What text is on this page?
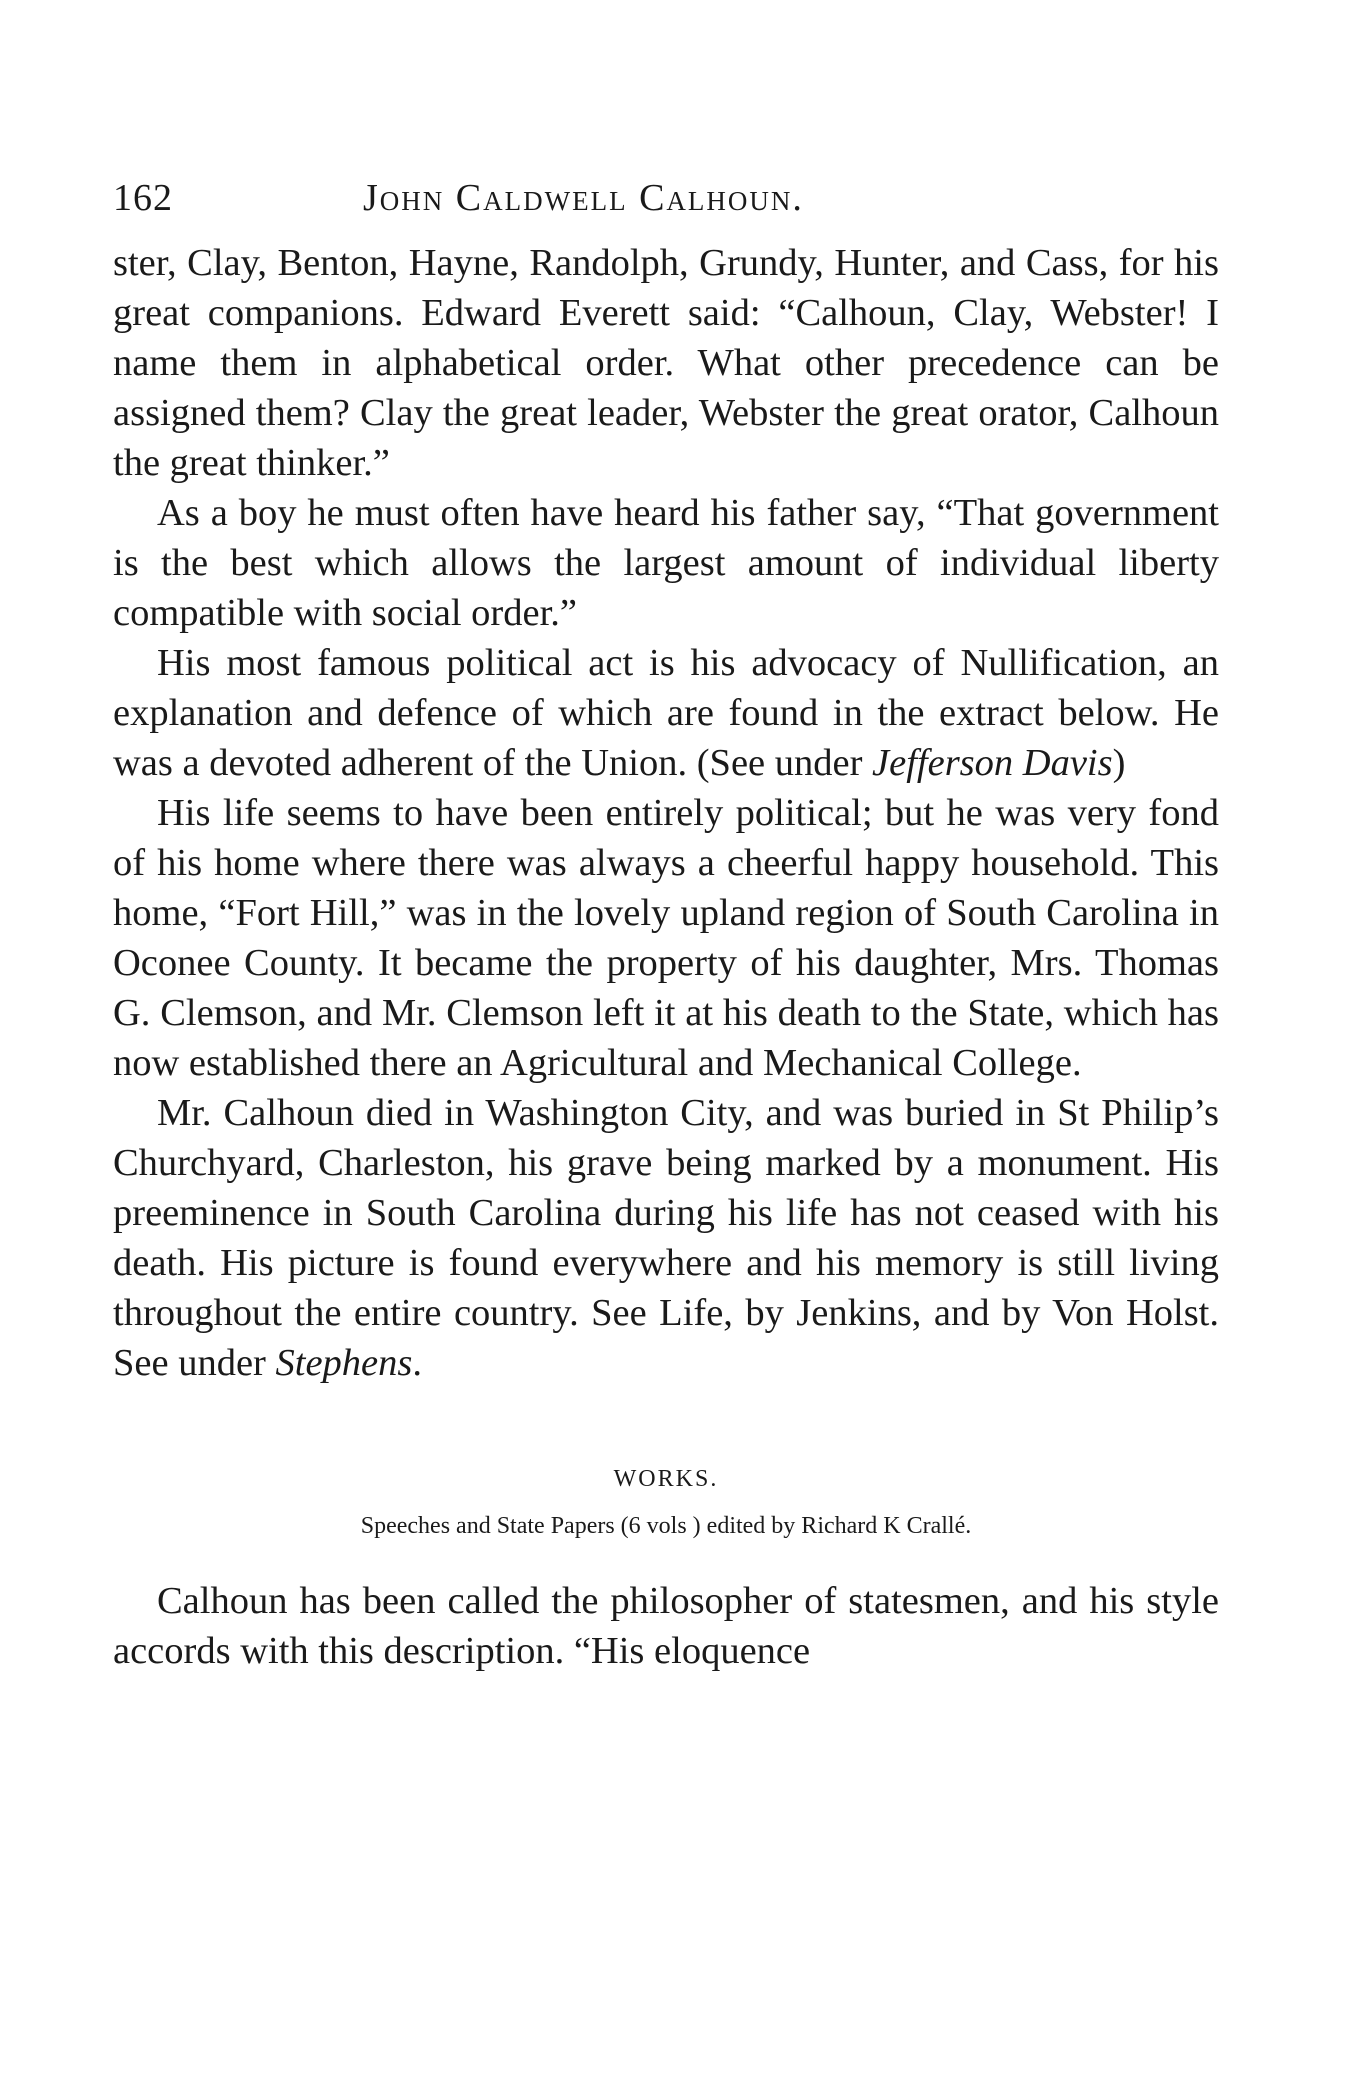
162	John Caldwell Calhoun.

ster, Clay, Benton, Hayne, Randolph, Grundy, Hunter, and Cass, for his great companions. Edward Everett said: “Calhoun, Clay, Webster! I name them in alphabetical order. What other precedence can be assigned them? Clay the great leader, Webster the great orator, Calhoun the great thinker.”

As a boy he must often have heard his father say, “That government is the best which allows the largest amount of individual liberty compatible with social order.”

His most famous political act is his advocacy of Nullification, an explanation and defence of which are found in the extract below. He was a devoted adherent of the Union. (See under Jefferson Davis)

His life seems to have been entirely political; but he was very fond of his home where there was always a cheerful happy household. This home, “Fort Hill,” was in the lovely upland region of South Carolina in Oconee County. It became the property of his daughter, Mrs. Thomas G. Clemson, and Mr. Clemson left it at his death to the State, which has now established there an Agricultural and Mechanical College.

Mr. Calhoun died in Washington City, and was buried in St Philip’s Churchyard, Charleston, his grave being marked by a monument. His preeminence in South Carolina during his life has not ceased with his death. His picture is found everywhere and his memory is still living throughout the entire country. See Life, by Jenkins, and by Von Holst. See under Stephens.

WORKS.
Speeches and State Papers (6 vols ) edited by Richard K Crallé.

Calhoun has been called the philosopher of statesmen, and his style accords with this description. “His eloquence
